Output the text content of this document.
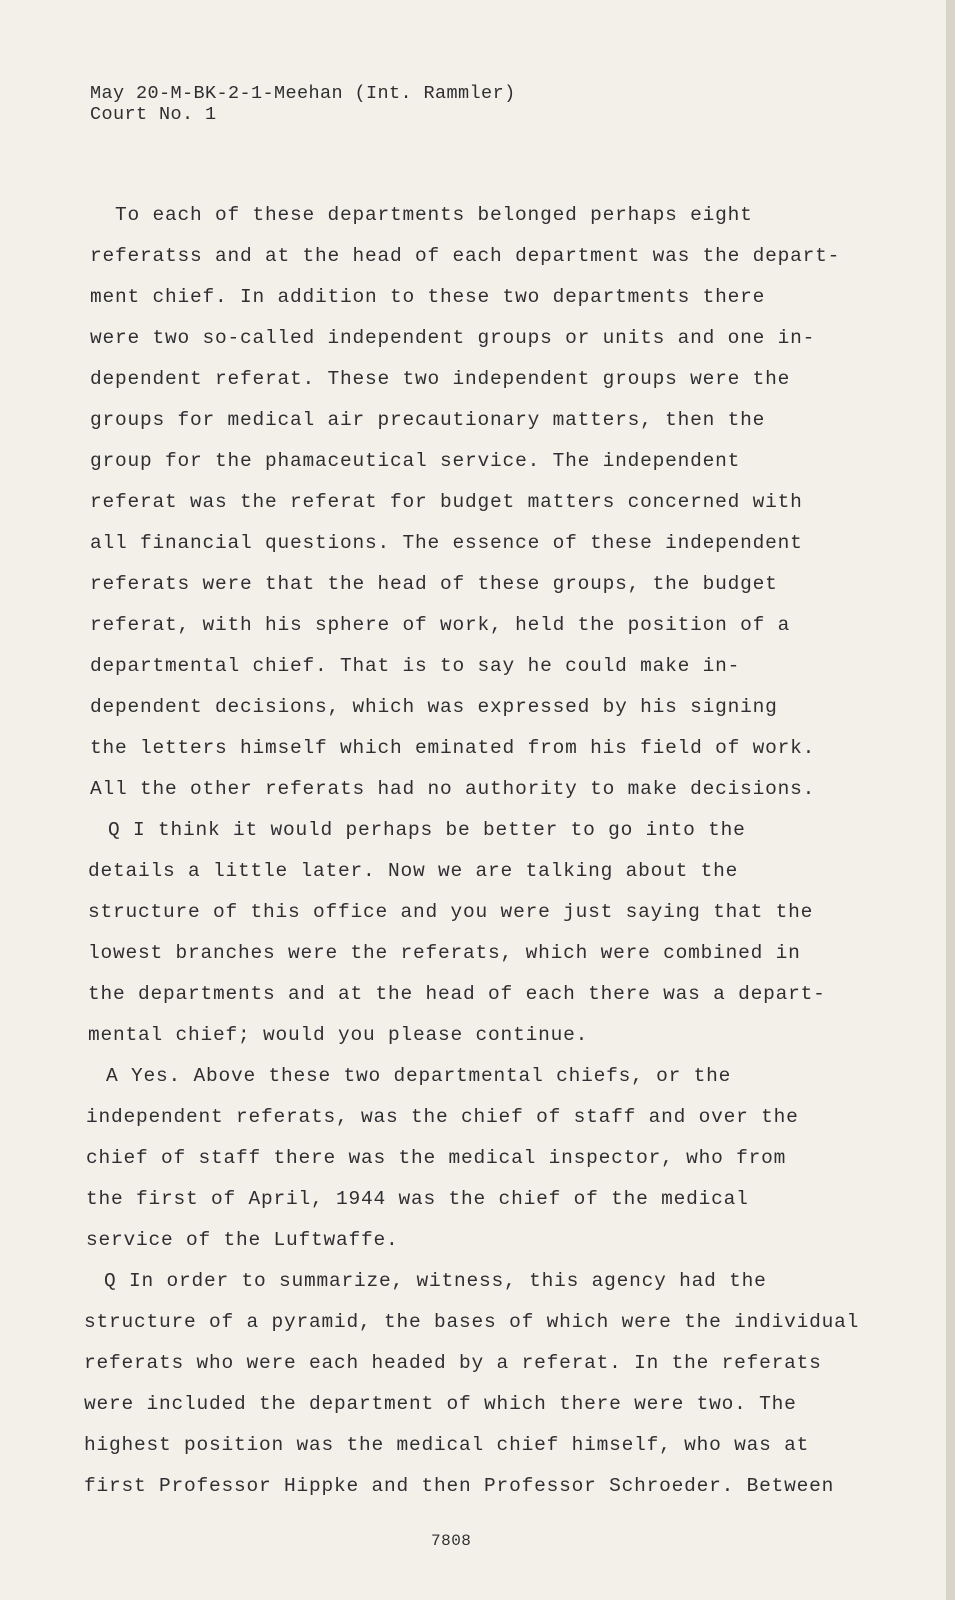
May 20-M-BK-2-1-Meehan (Int. Rammler)
Court No. 1
To each of these departments belonged perhaps eight
referatss and at the head of each department was the depart-
ment chief. In addition to these two departments there
were two so-called independent groups or units and one in-
dependent referat. These two independent groups were the
groups for medical air precautionary matters, then the
group for the phamaceutical service. The independent
referat was the referat for budget matters concerned with
all financial questions. The essence of these independent
referats were that the head of these groups, the budget
referat, with his sphere of work, held the position of a
departmental chief. That is to say he could make in-
dependent decisions, which was expressed by his signing
the letters himself which eminated from his field of work.
All the other referats had no authority to make decisions.
Q I think it would perhaps be better to go into the
details a little later. Now we are talking about the
structure of this office and you were just saying that the
lowest branches were the referats, which were combined in
the departments and at the head of each there was a depart-
mental chief; would you please continue.
A Yes. Above these two departmental chiefs, or the
independent referats, was the chief of staff and over the
chief of staff there was the medical inspector, who from
the first of April, 1944 was the chief of the medical
service of the Luftwaffe.
Q In order to summarize, witness, this agency had the
structure of a pyramid, the bases of which were the individual
referats who were each headed by a referat. In the referats
were included the department of which there were two. The
highest position was the medical chief himself, who was at
first Professor Hippke and then Professor Schroeder. Between
7808
